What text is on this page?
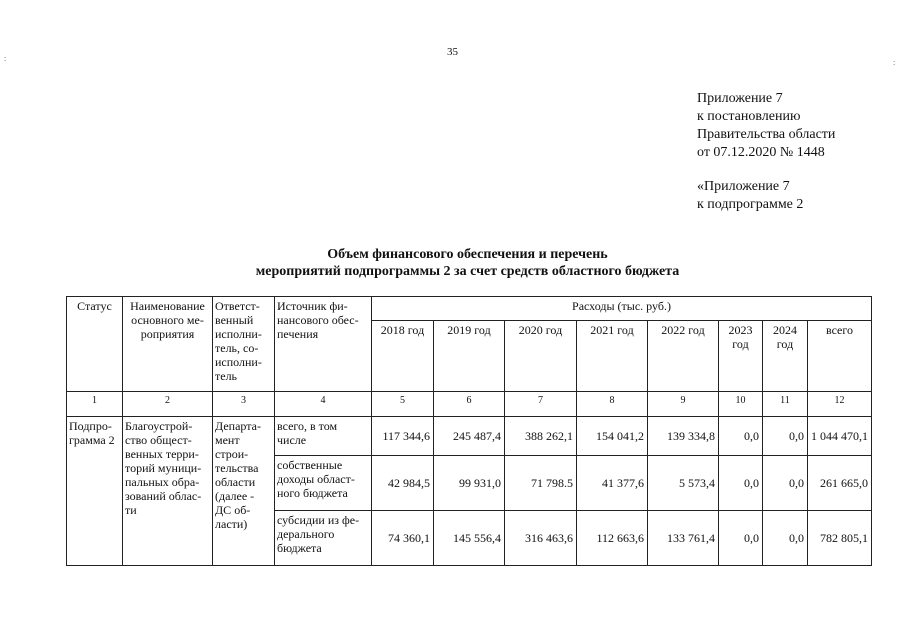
35
:	:
Приложение 7
к постановлению
Правительства области
от 07.12.2020 № 1448
«Приложение 7
к подпрограмме 2
Объем финансового обеспечения и перечень
мероприятий подпрограммы 2 за счет средств областного бюджета
Статус	Наименование основного ме-роприятия	Ответст-венный исполни-тель, со-исполни-тель	Источник фи-нансового обес-печения	Расходы (тыс. руб.)							
				2018 год	2019 год	2020 год	2021 год	2022 год	2023 год	2024 год	всего
1	2	3	4	5	6	7	8	9	10	11	12
Подпро-грамма 2	Благоустрой-ство общест-венных терри-торий муници-пальных обра-зований облас-ти	Департа-мент строи-тельства области (далее - ДС об-ласти)	всего, в том числе	117 344,6	245 487,4	388 262,1	154 041,2	139 334,8	0,0	0,0	1 044 470,1
			собственные доходы област-ного бюджета	42 984,5	99 931,0	71 798.5	41 377,6	5 573,4	0,0	0,0	261 665,0
			субсидии из фе-дерального бюджета	74 360,1	145 556,4	316 463,6	112 663,6	133 761,4	0,0	0,0	782 805,1
